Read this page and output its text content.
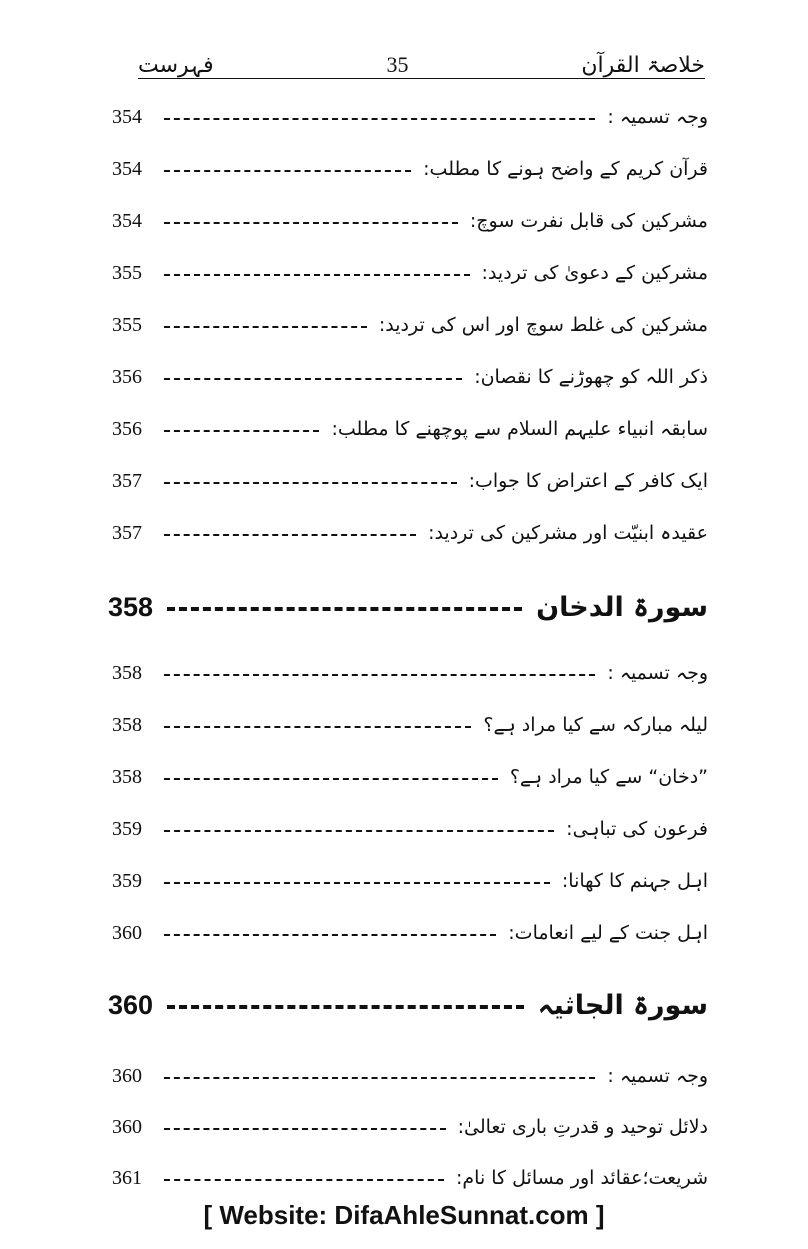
خلاصۃ القرآن
35
فہرست
وجہ تسمیہ :
354
قرآن کریم کے واضح ہونے کا مطلب:
354
مشرکین کی قابل نفرت سوچ:
354
مشرکین کے دعویٰ کی تردید:
355
مشرکین کی غلط سوچ اور اس کی تردید:
355
ذکر اللہ کو چھوڑنے کا نقصان:
356
سابقہ انبیاء علیہم السلام سے پوچھنے کا مطلب:
356
ایک کافر کے اعتراض کا جواب:
357
عقیدہ ابنیّت اور مشرکین کی تردید:
357
سورۃ الدخان
358
وجہ تسمیہ :
358
لیلہ مبارکہ سے کیا مراد ہے؟
358
”دخان“ سے کیا مراد ہے؟
358
فرعون کی تباہی:
359
اہل جہنم کا کھانا:
359
اہل جنت کے لیے انعامات:
360
سورۃ الجاثیہ
360
وجہ تسمیہ :
360
دلائل توحید و قدرتِ باری تعالیٰ:
360
شریعت؛عقائد اور مسائل کا نام:
361
[ Website: DifaAhleSunnat.com ]
